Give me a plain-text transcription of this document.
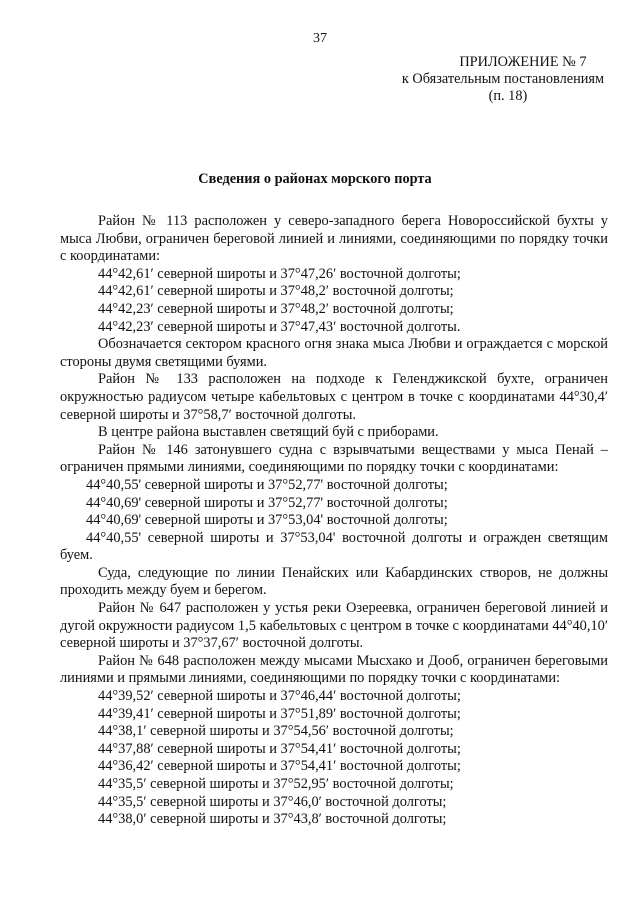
37
ПРИЛОЖЕНИЕ № 7
к Обязательным постановлениям
(п. 18)
Сведения о районах морского порта

Район № 113 расположен у северо-западного берега Новороссийской бухты у мыса Любви, ограничен береговой линией и линиями, соединяющими по порядку точки с координатами:

44°42,61′ северной широты и 37°47,26′ восточной долготы;

44°42,61′ северной широты и 37°48,2′ восточной долготы;

44°42,23′ северной широты и 37°48,2′ восточной долготы;

44°42,23′ северной широты и 37°47,43′ восточной долготы.

Обозначается сектором красного огня знака мыса Любви и ограждается с морской стороны двумя светящими буями.

Район № 133 расположен на подходе к Геленджикской бухте, ограничен окружностью радиусом четыре кабельтовых с центром в точке с координатами 44°30,4′ северной широты и 37°58,7′ восточной долготы.

В центре района выставлен светящий буй с приборами.

Район № 146 затонувшего судна с взрывчатыми веществами у мыса Пенай – ограничен прямыми линиями, соединяющими по порядку точки с координатами:

44°40,55' северной широты и 37°52,77' восточной долготы;

44°40,69' северной широты и 37°52,77' восточной долготы;

44°40,69' северной широты и 37°53,04' восточной долготы;

44°40,55' северной широты и 37°53,04' восточной долготы и огражден светящим буем.

Суда, следующие по линии Пенайских или Кабардинских створов, не должны проходить между буем и берегом.

Район № 647 расположен у устья реки Озереевка, ограничен береговой линией и дугой окружности радиусом 1,5 кабельтовых с центром в точке с координатами 44°40,10′ северной широты и 37°37,67′ восточной долготы.

Район № 648 расположен между мысами Мысхако и Дооб, ограничен береговыми линиями и прямыми линиями, соединяющими по порядку точки с координатами:

44°39,52′ северной широты и 37°46,44′ восточной долготы;

44°39,41′ северной широты и 37°51,89′ восточной долготы;

44°38,1′ северной широты и 37°54,56′ восточной долготы;

44°37,88′ северной широты и 37°54,41′ восточной долготы;

44°36,42′ северной широты и 37°54,41′ восточной долготы;

44°35,5′ северной широты и 37°52,95′ восточной долготы;

44°35,5′ северной широты и 37°46,0′ восточной долготы;

44°38,0′ северной широты и 37°43,8′ восточной долготы;
